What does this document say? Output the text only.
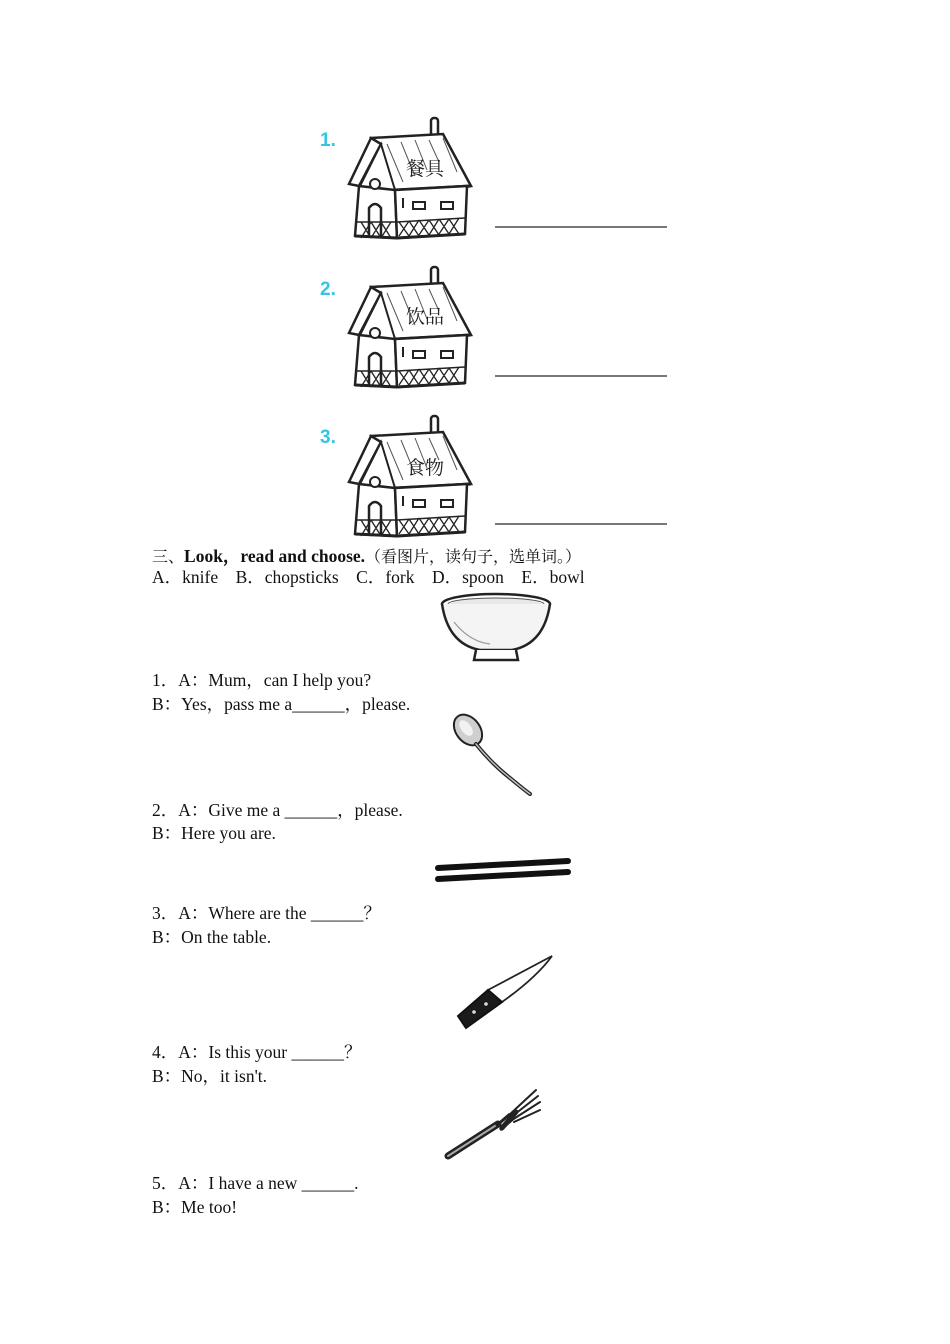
1.
餐具
2.
饮品
3.
食物
三、Look，read and choose.（看图片，读句子，选单词。）
A．knife    B．chopsticks    C．fork    D．spoon    E．bowl
1．A：Mum，can I help you?
B：Yes，pass me a______，please.
2．A：Give me a ______，please.
B：Here you are.
3．A：Where are the ______？
B：On the table.
4．A：Is this your ______？
B：No，it isn't.
5．A：I have a new ______.
B：Me too!
